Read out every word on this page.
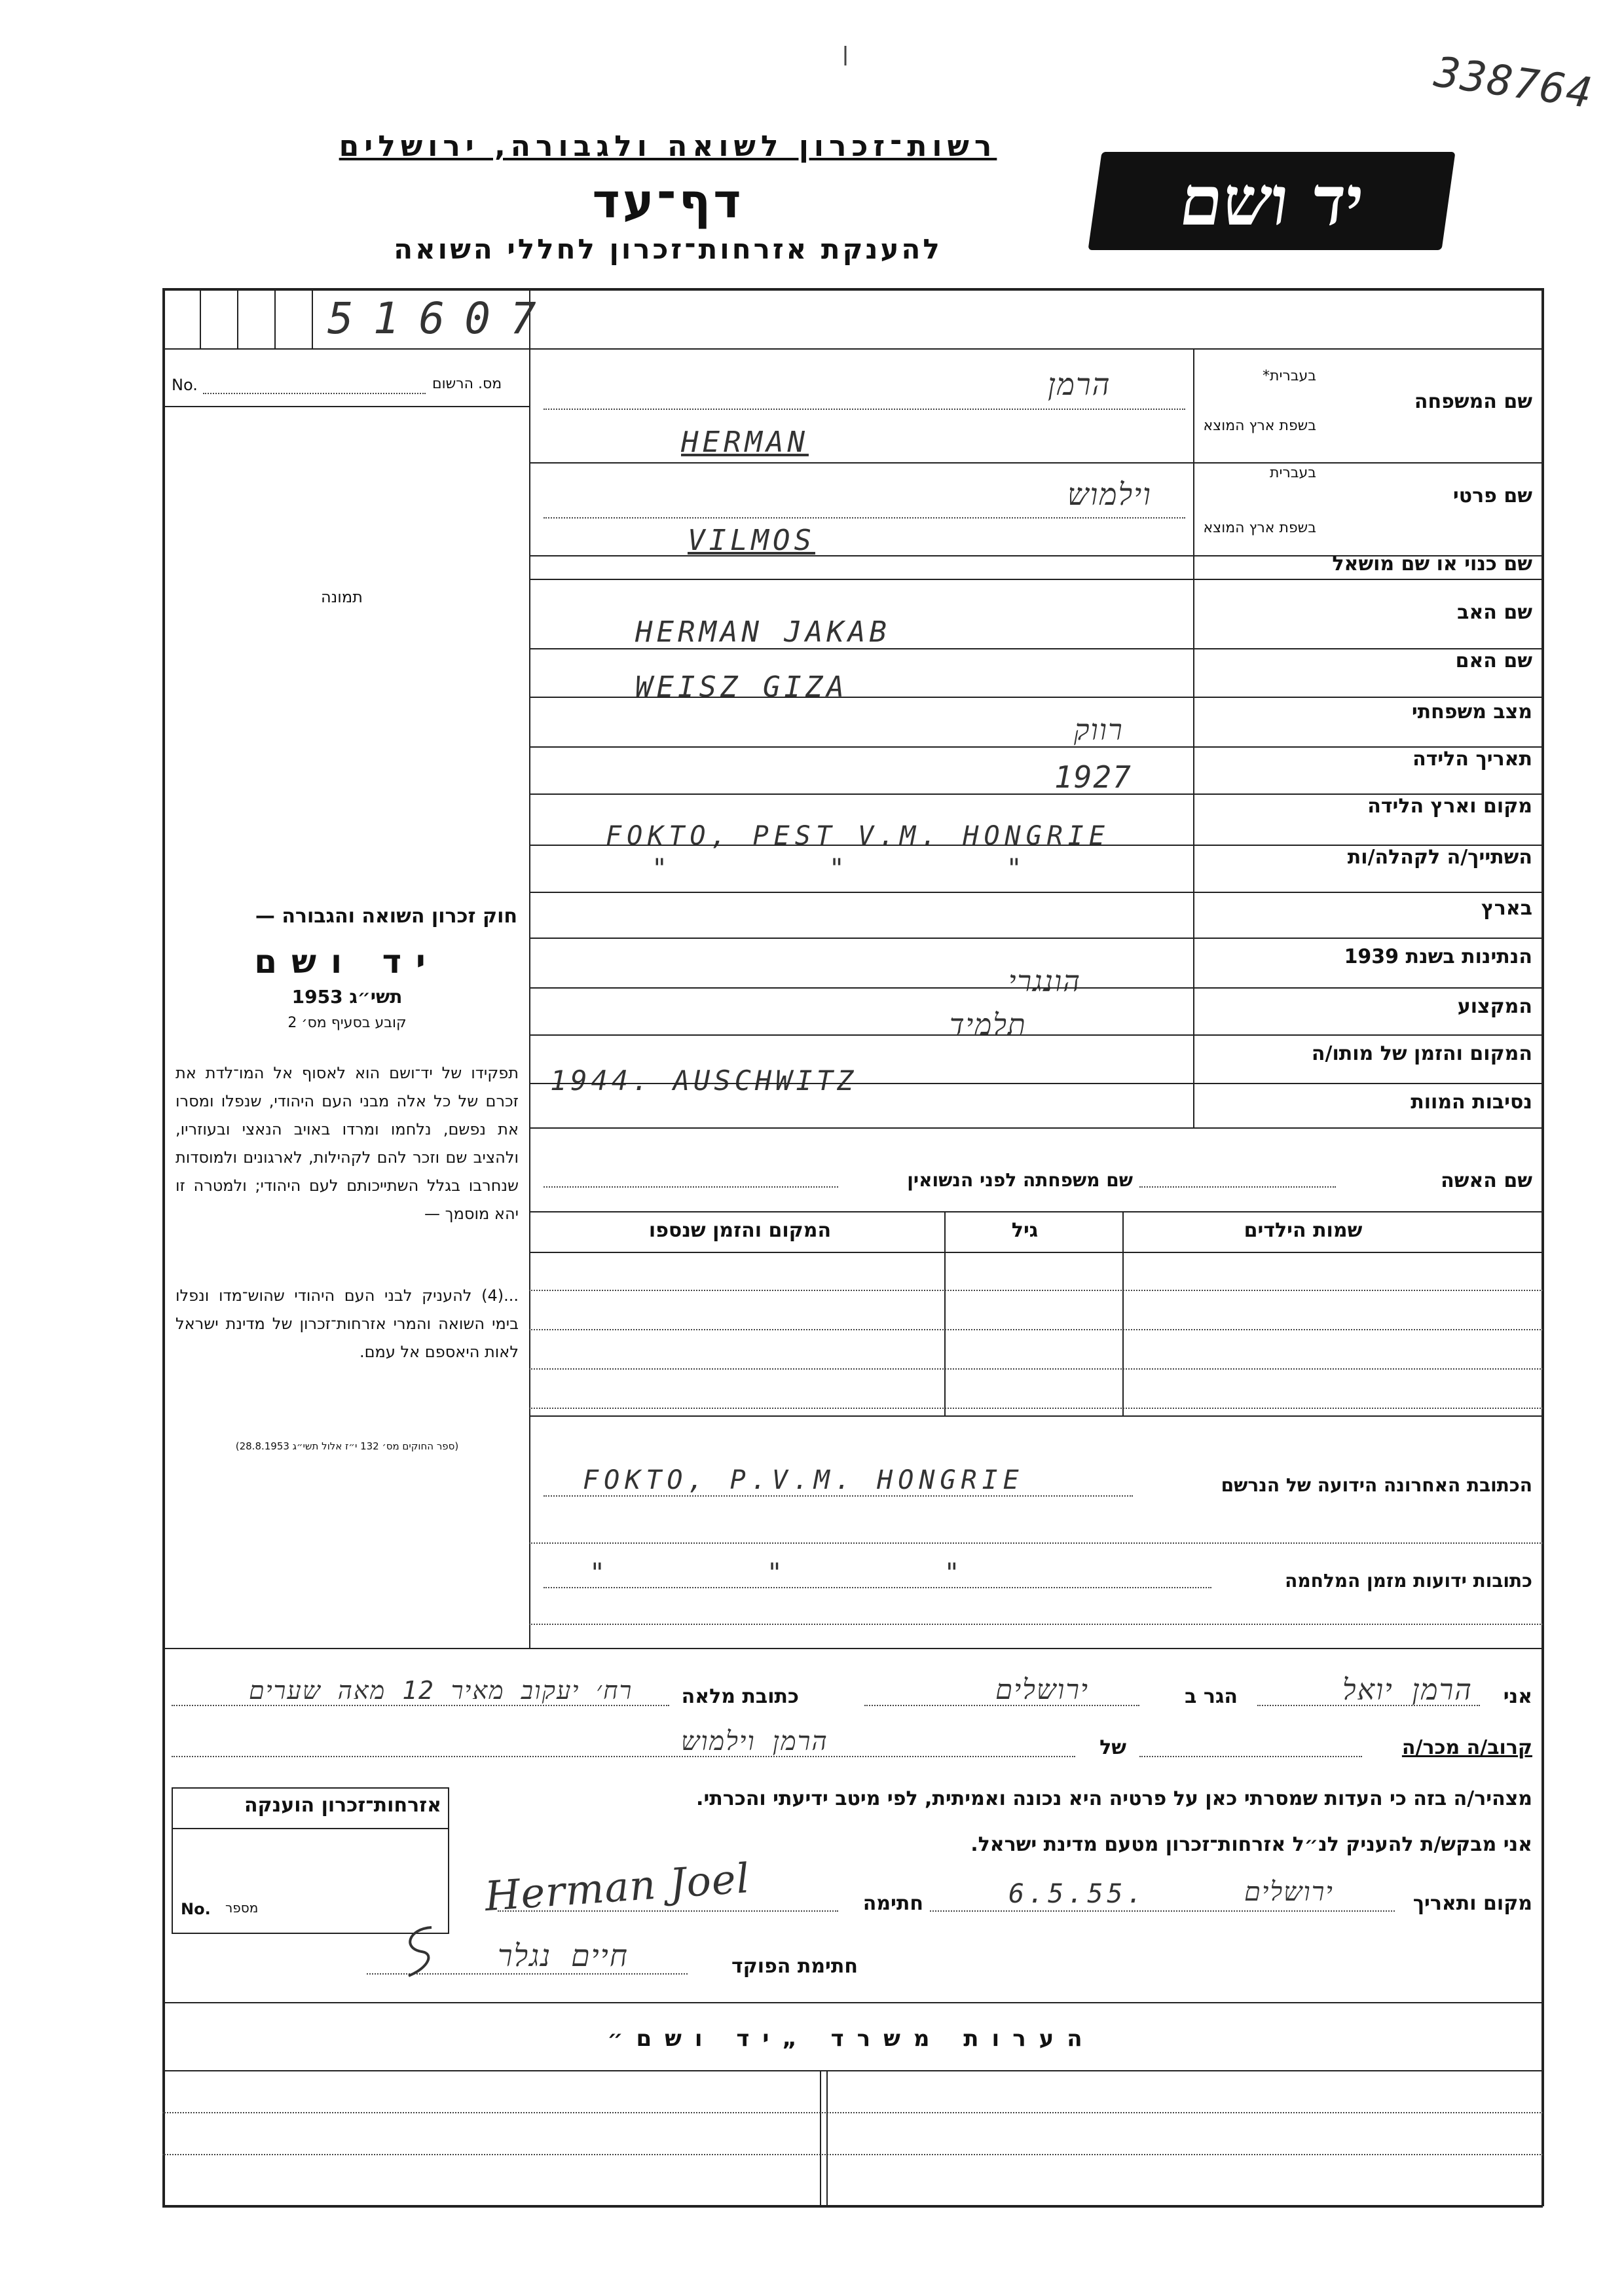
338764
רשות־זכרון לשואה ולגבורה, ירושלים
דף־עד
להענקת אזרחות־זכרון לחללי השואה
יד ושם
51607
No.	מס. הרשום
תמונה
שם המשפחה
בעברית*
בשפת ארץ המוצא
הרמן
HERMAN
שם פרטי
בעברית
בשפת ארץ המוצא
וילמוש
VILMOS
שם כנוי או שם מושאל
שם האב
HERMAN JAKAB
שם האם
WEISZ GIZA
מצב משפחתי
רווק
תאריך הלידה
1927
מקום וארץ הלידה
FOKTO, PEST V.M. HONGRIE
השתייך/ה לקהלה/ות
"        "        "
בארץ
הנתינות בשנת 1939
הונגרי
המקצוע
תלמיד
המקום והזמן של מותו/ה
1944. AUSCHWITZ
נסיבות המוות
שם האשה
שם משפחתה לפני הנשואין
שמות הילדים
גיל
המקום והזמן שנספו
הכתובת האחרונה הידועה של הנרשם
FOKTO, P.V.M. HONGRIE
כתובות ידועות מזמן המלחמה
"        "        "
חוק זכרון השואה והגבורה —
יד ושם
תשי״ג 1953
קובע בסעיף מס׳ 2
תפקידו של יד־ושם הוא לאסוף אל המו־לדת את זכרם של כל אלה מבני העם היהודי, שנפלו ומסרו את נפשם, נלחמו ומרדו באויב הנאצי ובעוזריו, ולהציב שם וזכר להם לקהילות, לארגונים ולמוסדות שנחרבו בגלל השתייכותם לעם היהודי; ולמטרה זו יהא מוסמך —
...(4) להעניק לבני העם היהודי שהוש־מדו ונפלו בימי השואה והמרי אזרחות־זכרון של מדינת ישראל לאות היאספם אל עמם.
(ספר החוקים מס׳ 132 י״ז אלול תשי״ג 28.8.1953)
אני
הרמן יואל
הגר ב
ירושלים
כתובת מלאה
רח׳ יעקוב מאיר 12 מאה שערים
קרוב/ה מכר/ה
של
הרמן וילמוש
מצהיר/ה בזה כי העדות שמסרתי כאן על פרטיה היא נכונה ואמיתית, לפי מיטב ידיעתי והכרתי.
אני מבקש/ת להעניק לנ״ל אזרחות־זכרון מטעם מדינת ישראל.
מקום ותאריך
ירושלים
6.5.55.
חתימה
Herman Joel
אזרחות־זכרון הוענקה
No. מספר
חתימת הפוקד
חיים נגלר
הערות משרד „יד ושם״
